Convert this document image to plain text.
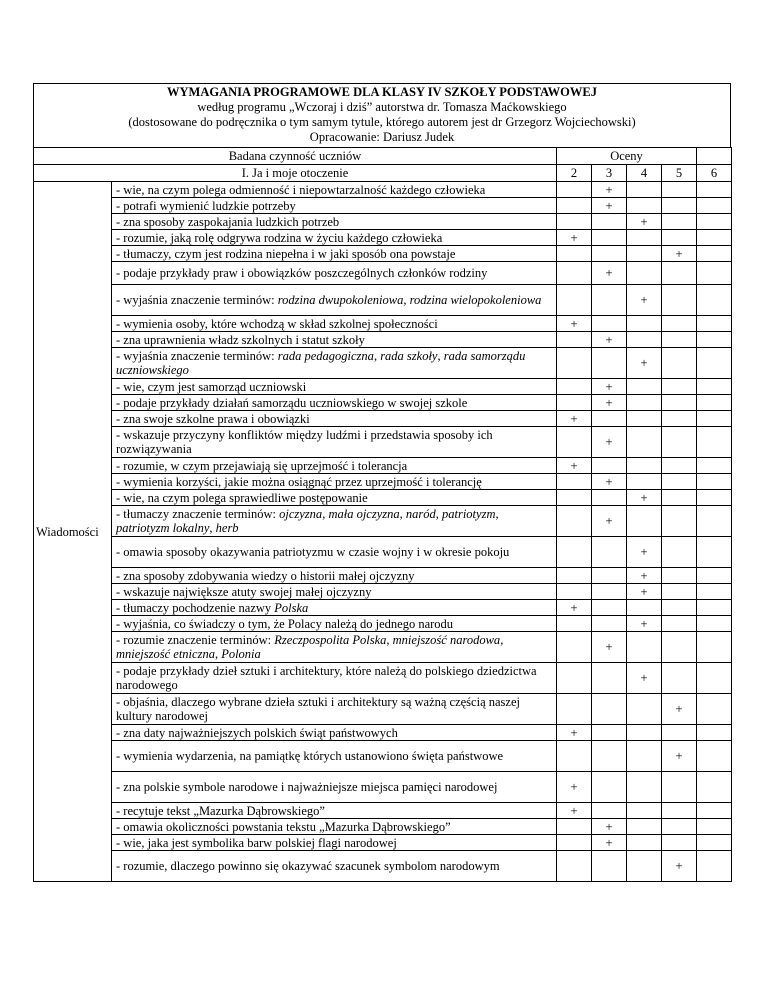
WYMAGANIA PROGRAMOWE DLA KLASY IV SZKOŁY PODSTAWOWEJ
według programu „Wczoraj i dziś” autorstwa dr. Tomasza Maćkowskiego
(dostosowane do podręcznika o tym samym tytule, którego autorem jest dr Grzegorz Wojciechowski)
Opracowanie: Dariusz Judek
Badana czynność uczniów		Oceny				
I. Ja i moje otoczenie		2	3	4	5	6
Wiadomości	- wie, na czym polega odmienność i niepowtarzalność każdego człowieka		+			
	- potrafi wymienić ludzkie potrzeby		+			
	- zna sposoby zaspokajania ludzkich potrzeb			+		
	- rozumie, jaką rolę odgrywa rodzina w życiu każdego człowieka	+				
	- tłumaczy, czym jest rodzina niepełna i w jaki sposób ona powstaje				+	
	- podaje przykłady praw i obowiązków poszczególnych członków rodziny		+			
	- wyjaśnia znaczenie terminów: rodzina dwupokoleniowa, rodzina wielopokoleniowa			+		
	- wymienia osoby, które wchodzą w skład szkolnej społeczności	+				
	- zna uprawnienia władz szkolnych i statut szkoły		+			
	- wyjaśnia znaczenie terminów: rada pedagogiczna, rada szkoły, rada samorządu uczniowskiego			+		
	- wie, czym jest samorząd uczniowski		+			
	- podaje przykłady działań samorządu uczniowskiego w swojej szkole		+			
	- zna swoje szkolne prawa i obowiązki	+				
	- wskazuje przyczyny konfliktów między ludźmi i przedstawia sposoby ich rozwiązywania		+			
	- rozumie, w czym przejawiają się uprzejmość i tolerancja	+				
	- wymienia korzyści, jakie można osiągnąć przez uprzejmość i tolerancję		+			
	- wie, na czym polega sprawiedliwe postępowanie			+		
	- tłumaczy znaczenie terminów: ojczyzna, mała ojczyzna, naród, patriotyzm, patriotyzm lokalny, herb		+			
	- omawia sposoby okazywania patriotyzmu w czasie wojny i w okresie pokoju			+		
	- zna sposoby zdobywania wiedzy o historii małej ojczyzny			+		
	- wskazuje największe atuty swojej małej ojczyzny			+		
	- tłumaczy pochodzenie nazwy Polska	+				
	- wyjaśnia, co świadczy o tym, że Polacy należą do jednego narodu			+		
	- rozumie znaczenie terminów: Rzeczpospolita Polska, mniejszość narodowa, mniejszość etniczna, Polonia		+			
	- podaje przykłady dzieł sztuki i architektury, które należą do polskiego dziedzictwa narodowego			+		
	- objaśnia, dlaczego wybrane dzieła sztuki i architektury są ważną częścią naszej kultury narodowej				+	
	- zna daty najważniejszych polskich świąt państwowych	+				
	- wymienia wydarzenia, na pamiątkę których ustanowiono święta państwowe				+	
	- zna polskie symbole narodowe i najważniejsze miejsca pamięci narodowej	+				
	- recytuje tekst „Mazurka Dąbrowskiego”	+				
	- omawia okoliczności powstania tekstu „Mazurka Dąbrowskiego”		+			
	- wie, jaka jest symbolika barw polskiej flagi narodowej		+			
	- rozumie, dlaczego powinno się okazywać szacunek symbolom narodowym				+	
